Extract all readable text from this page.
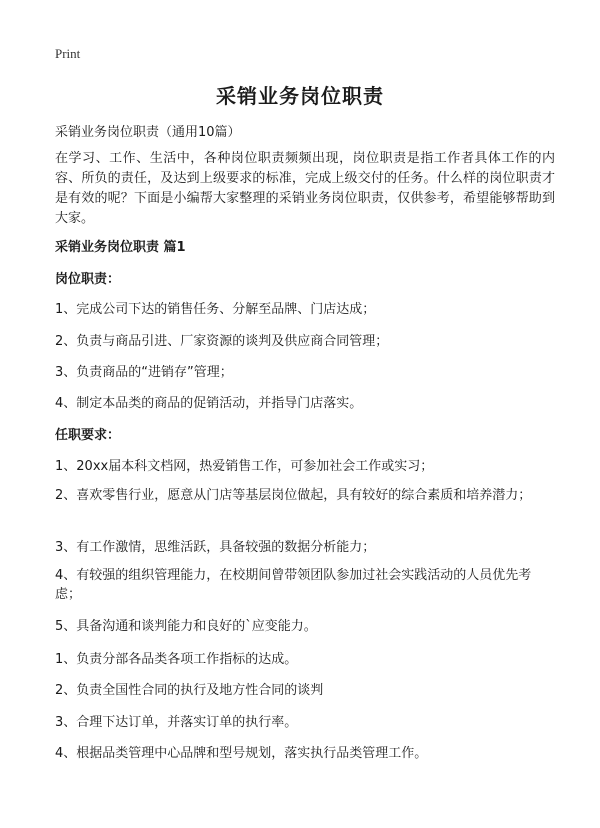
Print
采销业务岗位职责
采销业务岗位职责（通用10篇）
在学习、工作、生活中，各种岗位职责频频出现，岗位职责是指工作者具体工作的内容、所负的责任，及达到上级要求的标准，完成上级交付的任务。什么样的岗位职责才是有效的呢？下面是小编帮大家整理的采销业务岗位职责，仅供参考，希望能够帮助到大家。
采销业务岗位职责 篇1
岗位职责：
1、完成公司下达的销售任务、分解至品牌、门店达成；
2、负责与商品引进、厂家资源的谈判及供应商合同管理；
3、负责商品的“进销存”管理；
4、制定本品类的商品的促销活动，并指导门店落实。
任职要求：
1、20xx届本科文档网，热爱销售工作，可参加社会工作或实习；
2、喜欢零售行业，愿意从门店等基层岗位做起，具有较好的综合素质和培养潜力；
3、有工作激情，思维活跃，具备较强的数据分析能力；
4、有较强的组织管理能力，在校期间曾带领团队参加过社会实践活动的人员优先考虑；
5、具备沟通和谈判能力和良好的`应变能力。
1、负责分部各品类各项工作指标的达成。
2、负责全国性合同的执行及地方性合同的谈判
3、合理下达订单，并落实订单的执行率。
4、根据品类管理中心品牌和型号规划，落实执行品类管理工作。
